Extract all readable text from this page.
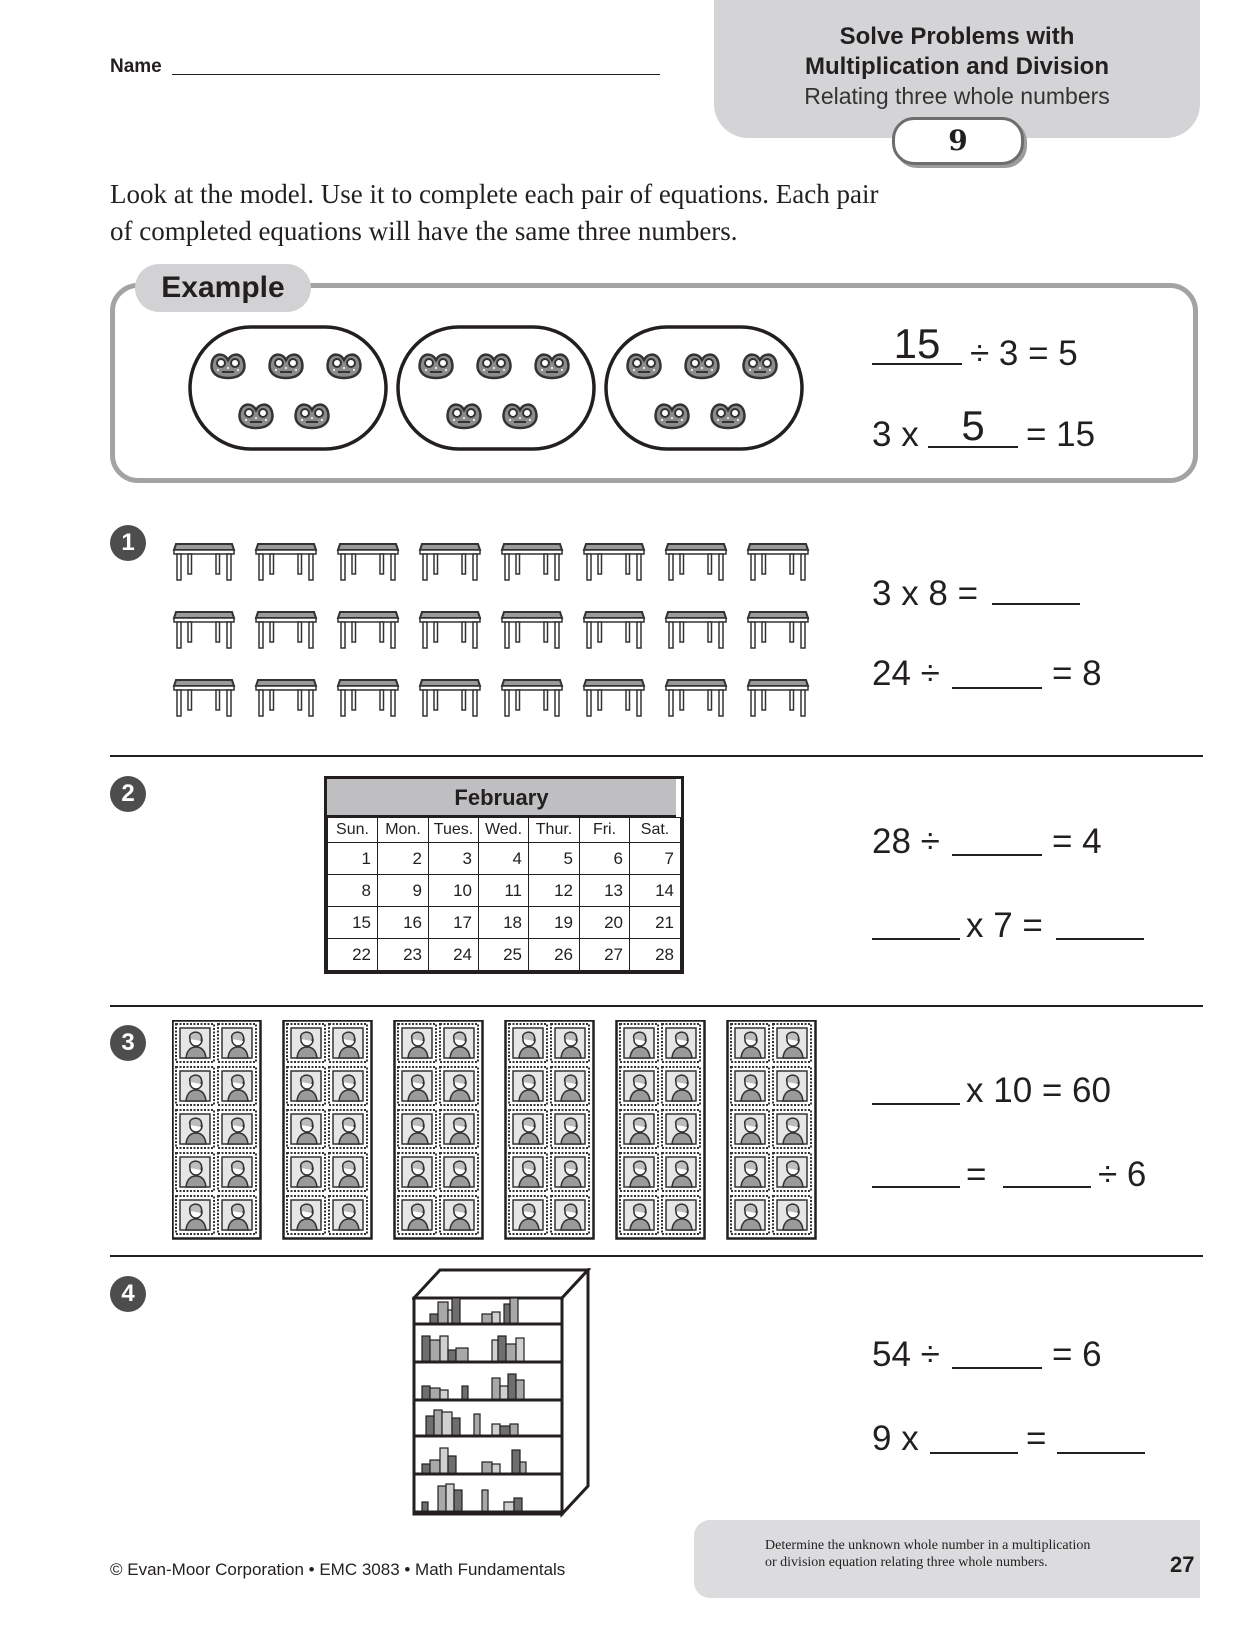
Name
Solve Problems with
Multiplication and Division
Relating three whole numbers
9
Look at the model. Use it to complete each pair of equations. Each pair
of completed equations will have the same three numbers.
Example
15 ÷ 3 = 5
3 x	5	= 15
1
3 x 8 =
24 ÷	= 8
2	February
Sun.	Mon.	Tues.	Wed.	Thur.	Fri.	Sat.
1	2	3	4	5	6	7
8	9	10	11	12	13	14
15	16	17	18	19	20	21
22	23	24	25	26	27	28
28 ÷	= 4
x 7 =
3
x 10 = 60
=	÷ 6
4
54 ÷	= 6
9 x	=
Determine the unknown whole number in a multiplication
or division equation relating three whole numbers.	27
© Evan-Moor Corporation • EMC 3083 • Math Fundamentals
